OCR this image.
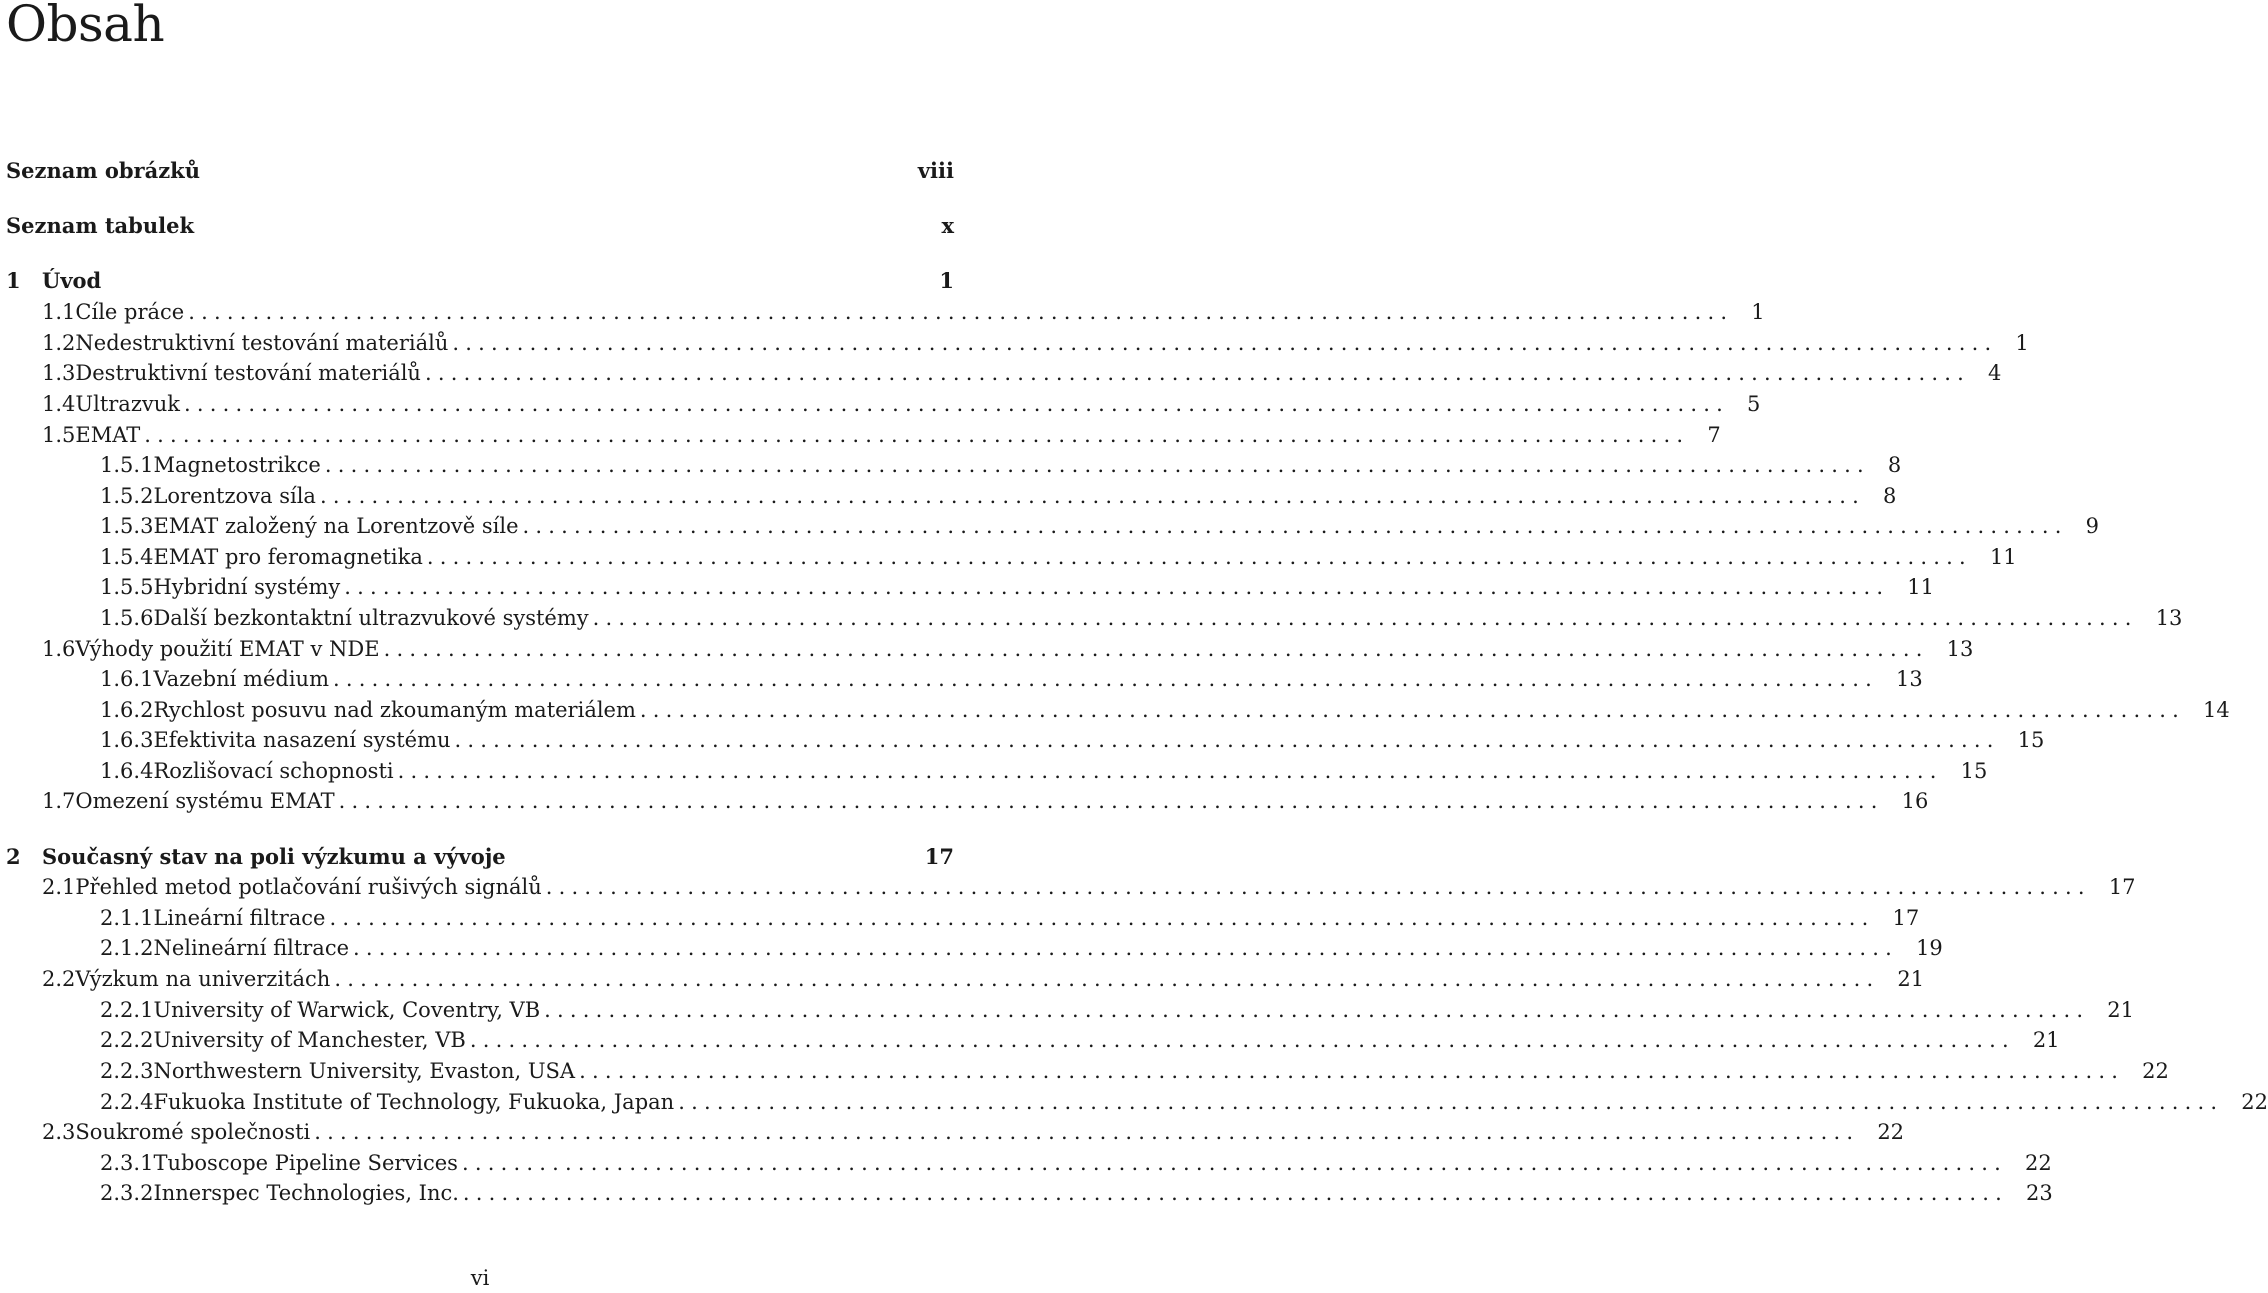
Obsah
Seznam obrázků	viii
Seznam tabulek	x
1	Úvod	1
1.1 Cíle práce ........................................................................................................................ 1
1.2 Nedestruktivní testování materiálů ........................................................................................................................ 1
1.3 Destruktivní testování materiálů ........................................................................................................................ 4
1.4 Ultrazvuk ........................................................................................................................ 5
1.5 EMAT ........................................................................................................................ 7
1.5.1 Magnetostrikce ........................................................................................................................ 8
1.5.2 Lorentzova síla ........................................................................................................................ 8
1.5.3 EMAT založený na Lorentzově síle ........................................................................................................................ 9
1.5.4 EMAT pro feromagnetika ........................................................................................................................ 11
1.5.5 Hybridní systémy ........................................................................................................................ 11
1.5.6 Další bezkontaktní ultrazvukové systémy ........................................................................................................................ 13
1.6 Výhody použití EMAT v NDE ........................................................................................................................ 13
1.6.1 Vazební médium ........................................................................................................................ 13
1.6.2 Rychlost posuvu nad zkoumaným materiálem ........................................................................................................................ 14
1.6.3 Efektivita nasazení systému ........................................................................................................................ 15
1.6.4 Rozlišovací schopnosti ........................................................................................................................ 15
1.7 Omezení systému EMAT ........................................................................................................................ 16
2	Současný stav na poli výzkumu a vývoje	17
2.1 Přehled metod potlačování rušivých signálů ........................................................................................................................ 17
2.1.1 Lineární filtrace ........................................................................................................................ 17
2.1.2 Nelineární filtrace ........................................................................................................................ 19
2.2 Výzkum na univerzitách ........................................................................................................................ 21
2.2.1 University of Warwick, Coventry, VB ........................................................................................................................ 21
2.2.2 University of Manchester, VB ........................................................................................................................ 21
2.2.3 Northwestern University, Evaston, USA ........................................................................................................................ 22
2.2.4 Fukuoka Institute of Technology, Fukuoka, Japan ........................................................................................................................ 22
2.3 Soukromé společnosti ........................................................................................................................ 22
2.3.1 Tuboscope Pipeline Services ........................................................................................................................ 22
2.3.2 Innerspec Technologies, Inc. ........................................................................................................................ 23
vi
